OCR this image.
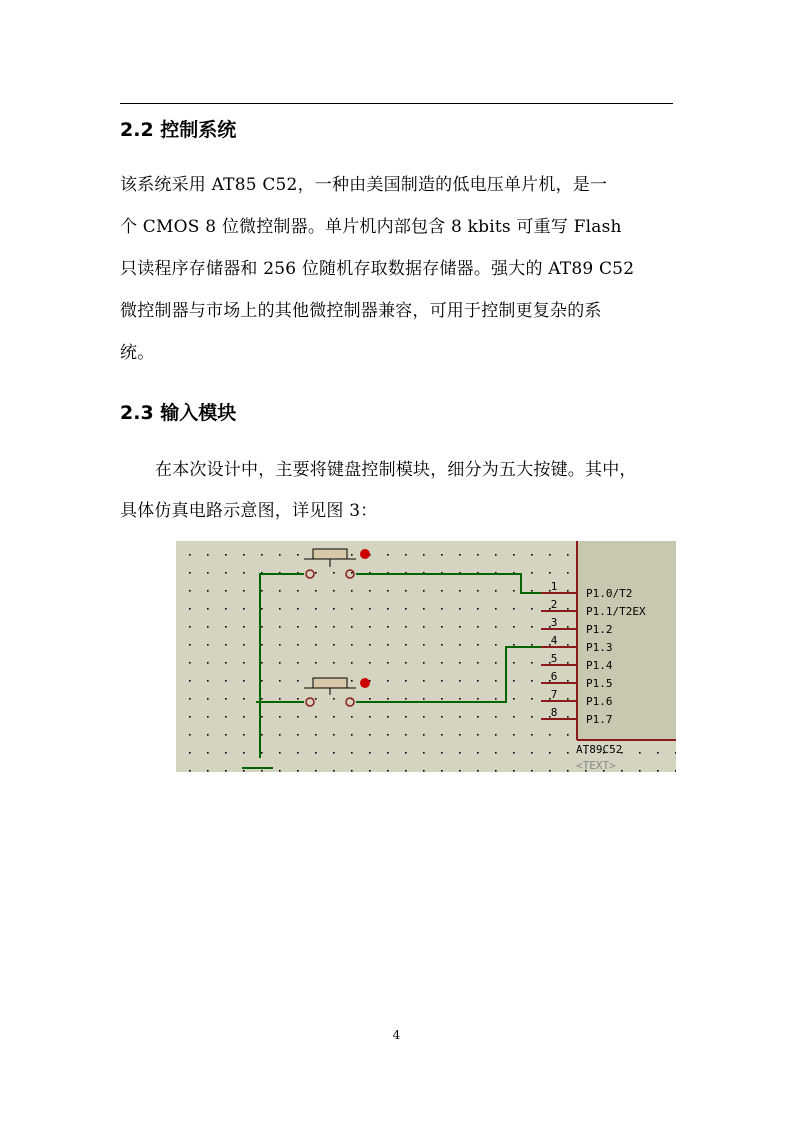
2.2 控制系统
该系统采用 AT85 C52，一种由美国制造的低电压单片机，是一
个 CMOS 8 位微控制器。单片机内部包含 8 kbits 可重写 Flash
只读程序存储器和 256 位随机存取数据存储器。强大的 AT89 C52
微控制器与市场上的其他微控制器兼容，可用于控制更复杂的系
统。
2.3 输入模块
在本次设计中，主要将键盘控制模块，细分为五大按键。其中，
具体仿真电路示意图，详见图 3：
1
P1.0/T2
2
P1.1/T2EX
3
P1.2
4
P1.3
5
P1.4
6
P1.5
7
P1.6
8
P1.7
AT89C52
<TEXT>
4
